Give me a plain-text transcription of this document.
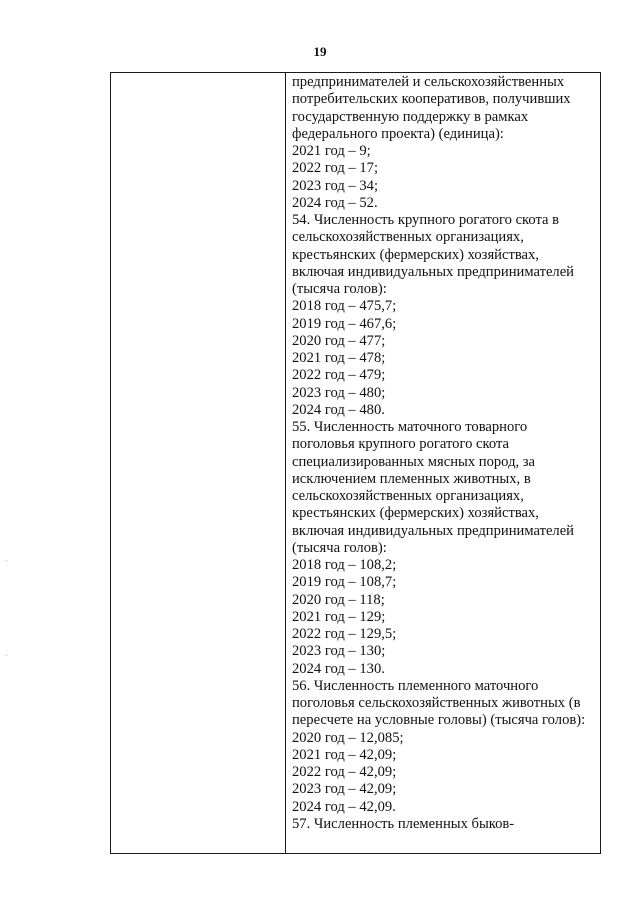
19
предпринимателей и сельскохозяйственных
потребительских кооперативов, получивших
государственную поддержку в рамках
федерального проекта) (единица):
2021 год – 9;
2022 год – 17;
2023 год – 34;
2024 год – 52.
54. Численность крупного рогатого скота в
сельскохозяйственных организациях,
крестьянских (фермерских) хозяйствах,
включая индивидуальных предпринимателей
(тысяча голов):
2018 год – 475,7;
2019 год – 467,6;
2020 год – 477;
2021 год – 478;
2022 год – 479;
2023 год – 480;
2024 год – 480.
55. Численность маточного товарного
поголовья крупного рогатого скота
специализированных мясных пород, за
исключением племенных животных, в
сельскохозяйственных организациях,
крестьянских (фермерских) хозяйствах,
включая индивидуальных предпринимателей
(тысяча голов):
2018 год – 108,2;
2019 год – 108,7;
2020 год – 118;
2021 год – 129;
2022 год – 129,5;
2023 год – 130;
2024 год – 130.
56. Численность племенного маточного
поголовья сельскохозяйственных животных (в
пересчете на условные головы) (тысяча голов):
2020 год – 12,085;
2021 год – 42,09;
2022 год – 42,09;
2023 год – 42,09;
2024 год – 42,09.
57. Численность племенных быков-
